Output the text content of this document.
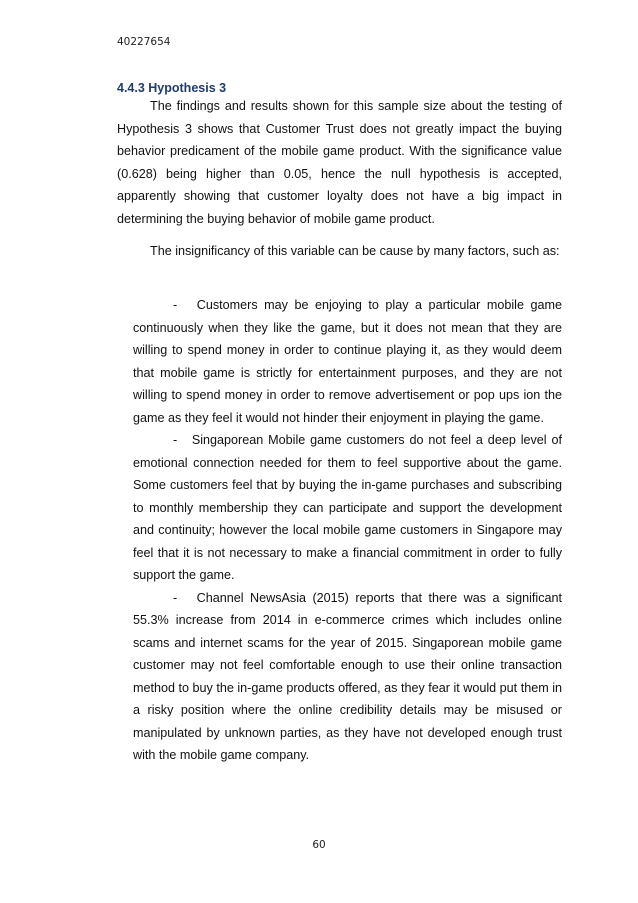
40227654
4.4.3 Hypothesis 3

The findings and results shown for this sample size about the testing of Hypothesis 3 shows that Customer Trust does not greatly impact the buying behavior predicament of the mobile game product. With the significance value (0.628) being higher than 0.05, hence the null hypothesis is accepted, apparently showing that customer loyalty does not have a big impact in determining the buying behavior of mobile game product.

The insignificancy of this variable can be cause by many factors, such as:

- Customers may be enjoying to play a particular mobile game continuously when they like the game, but it does not mean that they are willing to spend money in order to continue playing it, as they would deem that mobile game is strictly for entertainment purposes, and they are not willing to spend money in order to remove advertisement or pop ups ion the game as they feel it would not hinder their enjoyment in playing the game.

- Singaporean Mobile game customers do not feel a deep level of emotional connection needed for them to feel supportive about the game. Some customers feel that by buying the in-game purchases and subscribing to monthly membership they can participate and support the development and continuity; however the local mobile game customers in Singapore may feel that it is not necessary to make a financial commitment in order to fully support the game.

- Channel NewsAsia (2015) reports that there was a significant 55.3% increase from 2014 in e-commerce crimes which includes online scams and internet scams for the year of 2015. Singaporean mobile game customer may not feel comfortable enough to use their online transaction method to buy the in-game products offered, as they fear it would put them in a risky position where the online credibility details may be misused or manipulated by unknown parties, as they have not developed enough trust with the mobile game company.

60
